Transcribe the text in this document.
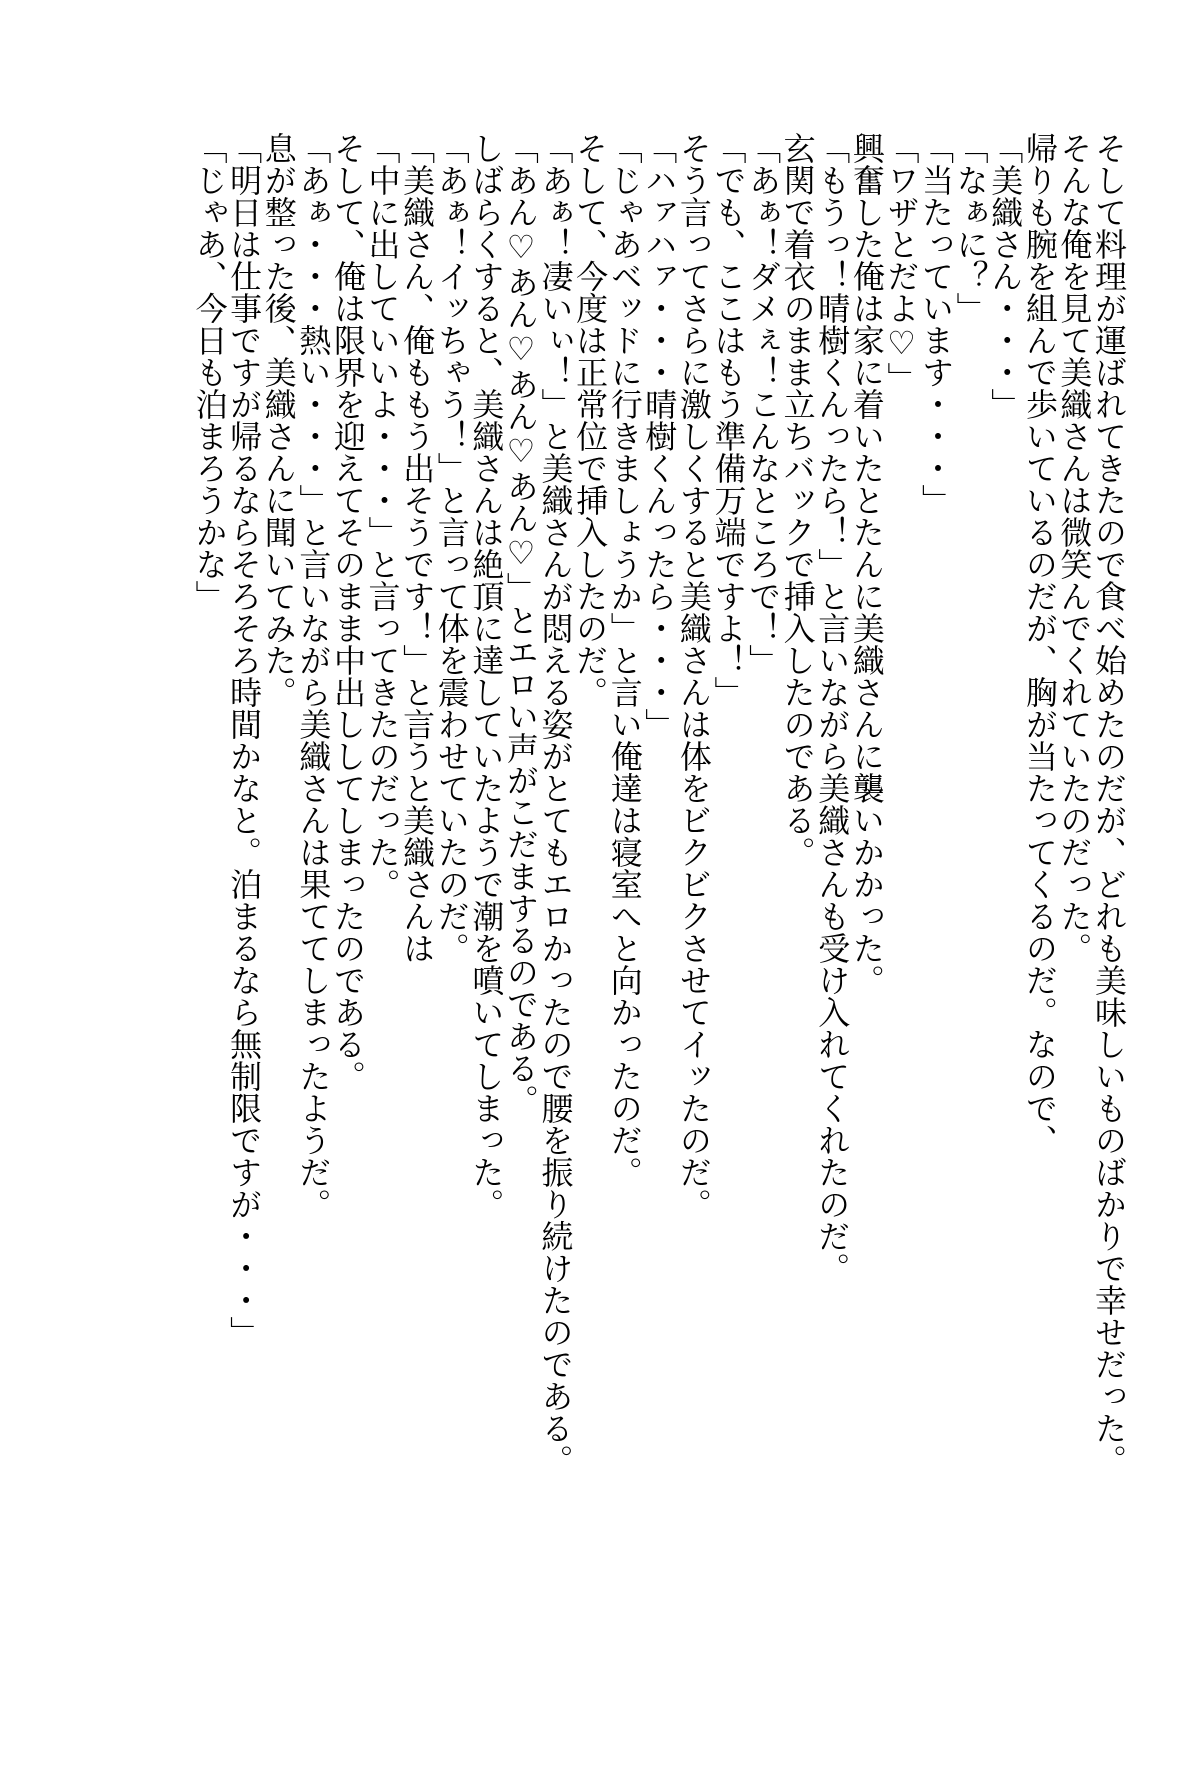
そして料理が運ばれてきたので食べ始めたのだが、どれも美味しいものばかりで幸せだった。
そんな俺を見て美織さんは微笑んでくれていたのだった。
帰りも腕を組んで歩いているのだが、胸が当たってくるのだ。なので、
「美織さん・・・」
「なぁに？」
「当たっています・・・」
「ワザとだよ♡」
興奮した俺は家に着いたとたんに美織さんに襲いかかった。
「もうっ！晴樹くんったら！」と言いながら美織さんも受け入れてくれたのだ。
玄関で着衣のまま立ちバックで挿入したのである。
「あぁ！ダメぇ！こんなところで！」
「でも、ここはもう準備万端ですよ！」
そう言ってさらに激しくすると美織さんは体をビクビクさせてイッたのだ。
「ハァハァ・・・晴樹くんったら・・・」
「じゃあベッドに行きましょうか」と言い俺達は寝室へと向かったのだ。
そして、今度は正常位で挿入したのだ。
「あぁ！凄いぃ！」と美織さんが悶える姿がとてもエロかったので腰を振り続けたのである。
「あん♡あん♡あん♡あん♡」とエロい声がこだまするのである。
しばらくすると、美織さんは絶頂に達していたようで潮を噴いてしまった。
「あぁ！イッちゃう！」と言って体を震わせていたのだ。
「美織さん、俺ももう出そうです！」と言うと美織さんは
「中に出していいよ・・・」と言ってきたのだった。
そして、俺は限界を迎えてそのまま中出ししてしまったのである。
「あぁ・・・熱い・・・」と言いながら美織さんは果ててしまったようだ。
息が整った後、美織さんに聞いてみた。
「明日は仕事ですが帰るならそろそろ時間かなと。泊まるなら無制限ですが・・・」
「じゃあ、今日も泊まろうかな」
